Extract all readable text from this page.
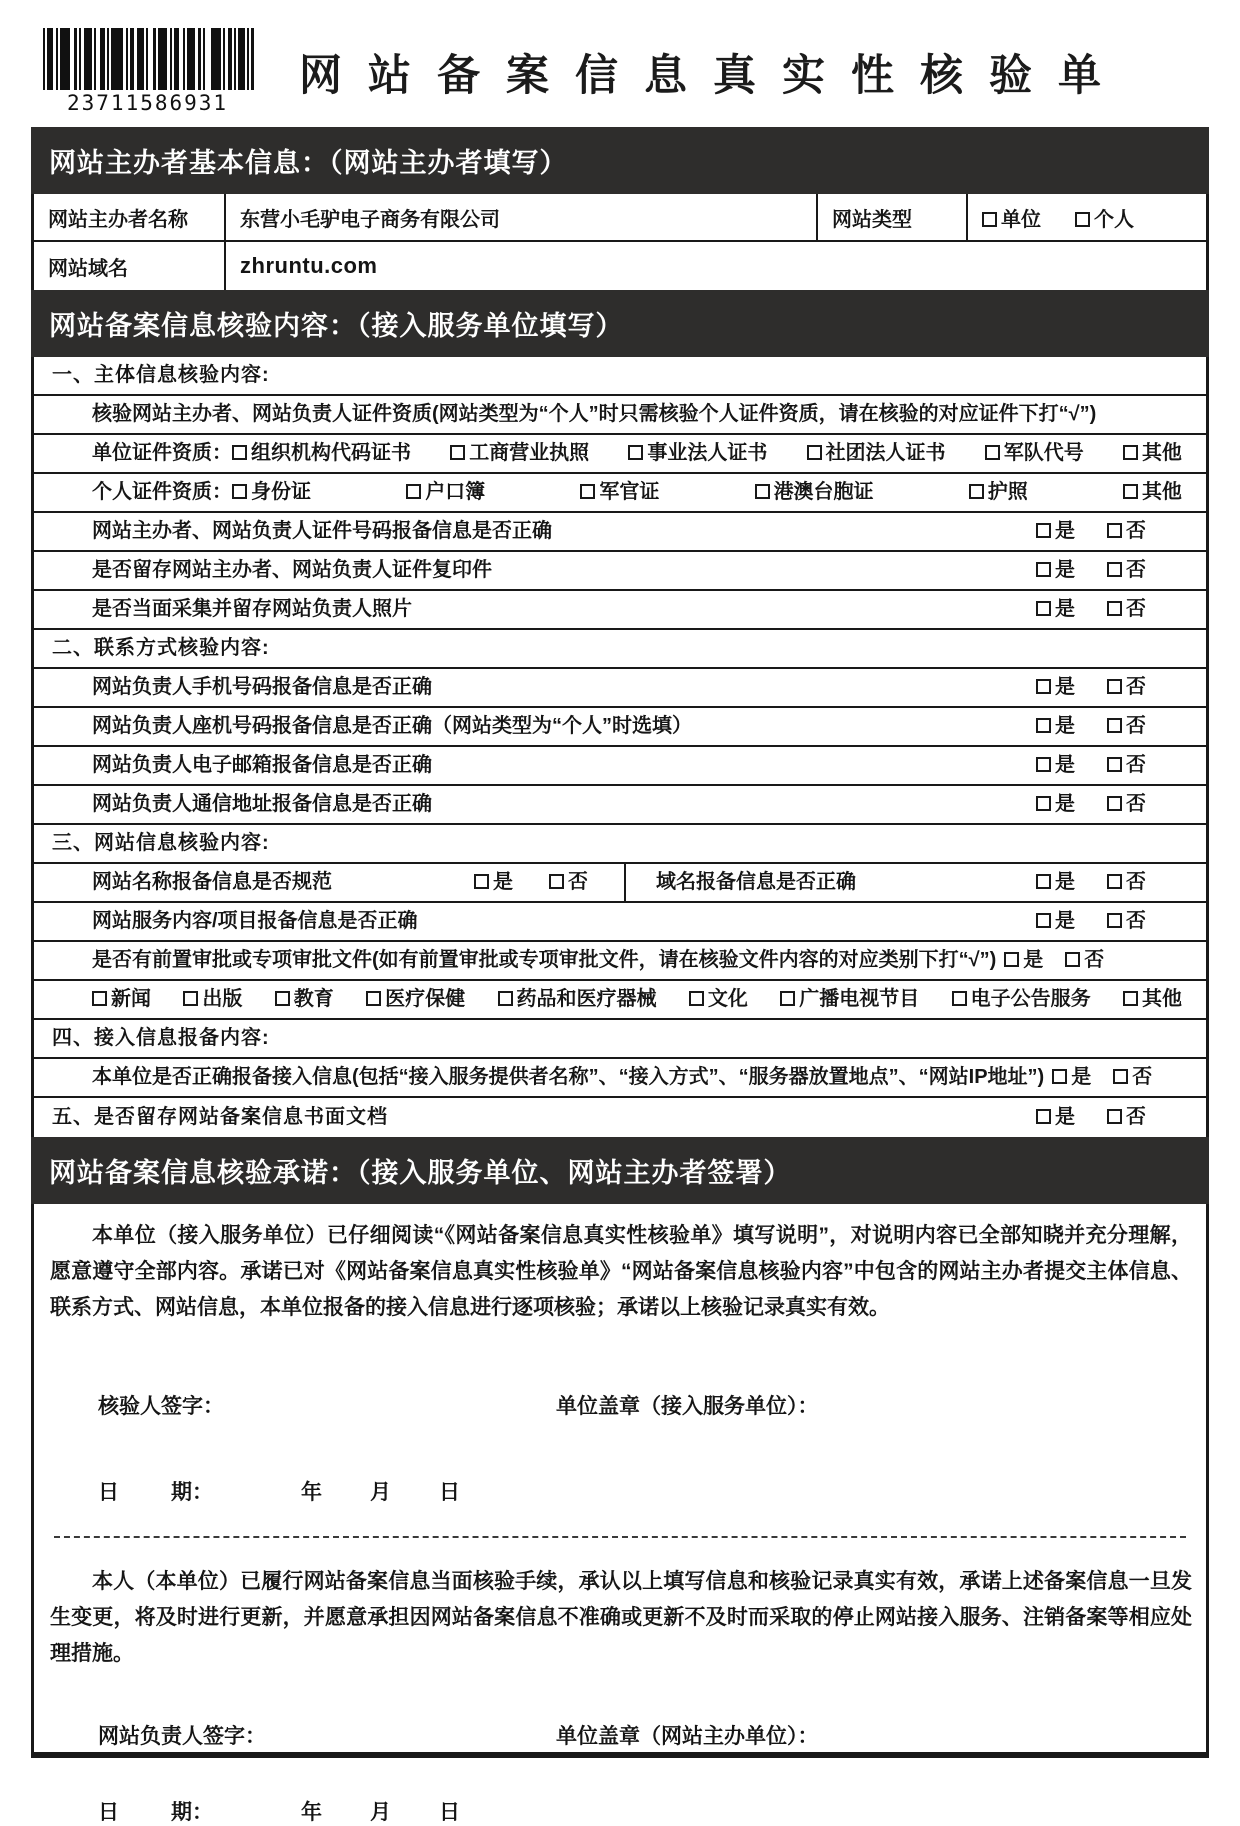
23711586931
网站备案信息真实性核验单
网站主办者基本信息：（网站主办者填写）
网站主办者名称	东营小毛驴电子商务有限公司	网站类型	单位	个人
网站域名	zhruntu.com
网站备案信息核验内容：（接入服务单位填写）
一、主体信息核验内容:
核验网站主办者、网站负责人证件资质(网站类型为“个人”时只需核验个人证件资质，请在核验的对应证件下打“√”)
单位证件资质： 组织机构代码证书	工商营业执照	事业法人证书	社团法人证书	军队代号	其他
个人证件资质： 身份证	户口簿	军官证	港澳台胞证	护照	其他
网站主办者、网站负责人证件号码报备信息是否正确	是	否
是否留存网站主办者、网站负责人证件复印件	是	否
是否当面采集并留存网站负责人照片	是	否
二、联系方式核验内容:
网站负责人手机号码报备信息是否正确	是	否
网站负责人座机号码报备信息是否正确（网站类型为“个人”时选填）	是	否
网站负责人电子邮箱报备信息是否正确	是	否
网站负责人通信地址报备信息是否正确	是	否
三、网站信息核验内容:
网站名称报备信息是否规范	是	否	域名报备信息是否正确	是	否
网站服务内容/项目报备信息是否正确	是	否
是否有前置审批或专项审批文件(如有前置审批或专项审批文件，请在核验文件内容的对应类别下打“√”)	是	否
新闻	出版	教育	医疗保健	药品和医疗器械	文化	广播电视节目	电子公告服务	其他
四、接入信息报备内容:
本单位是否正确报备接入信息(包括“接入服务提供者名称”、“接入方式”、“服务器放置地点”、“网站IP地址”)	是	否
五、是否留存网站备案信息书面文档	是	否
网站备案信息核验承诺：（接入服务单位、网站主办者签署）

本单位（接入服务单位）已仔细阅读“《网站备案信息真实性核验单》填写说明”，对说明内容已全部知晓并充分理解，愿意遵守全部内容。承诺已对《网站备案信息真实性核验单》“网站备案信息核验内容”中包含的网站主办者提交主体信息、联系方式、网站信息，本单位报备的接入信息进行逐项核验；承诺以上核验记录真实有效。

核验人签字：	单位盖章（接入服务单位）：
日 期：	年 月 日

本人（本单位）已履行网站备案信息当面核验手续，承认以上填写信息和核验记录真实有效，承诺上述备案信息一旦发生变更，将及时进行更新，并愿意承担因网站备案信息不准确或更新不及时而采取的停止网站接入服务、注销备案等相应处理措施。

网站负责人签字：	单位盖章（网站主办单位）：
日 期：	年 月 日
